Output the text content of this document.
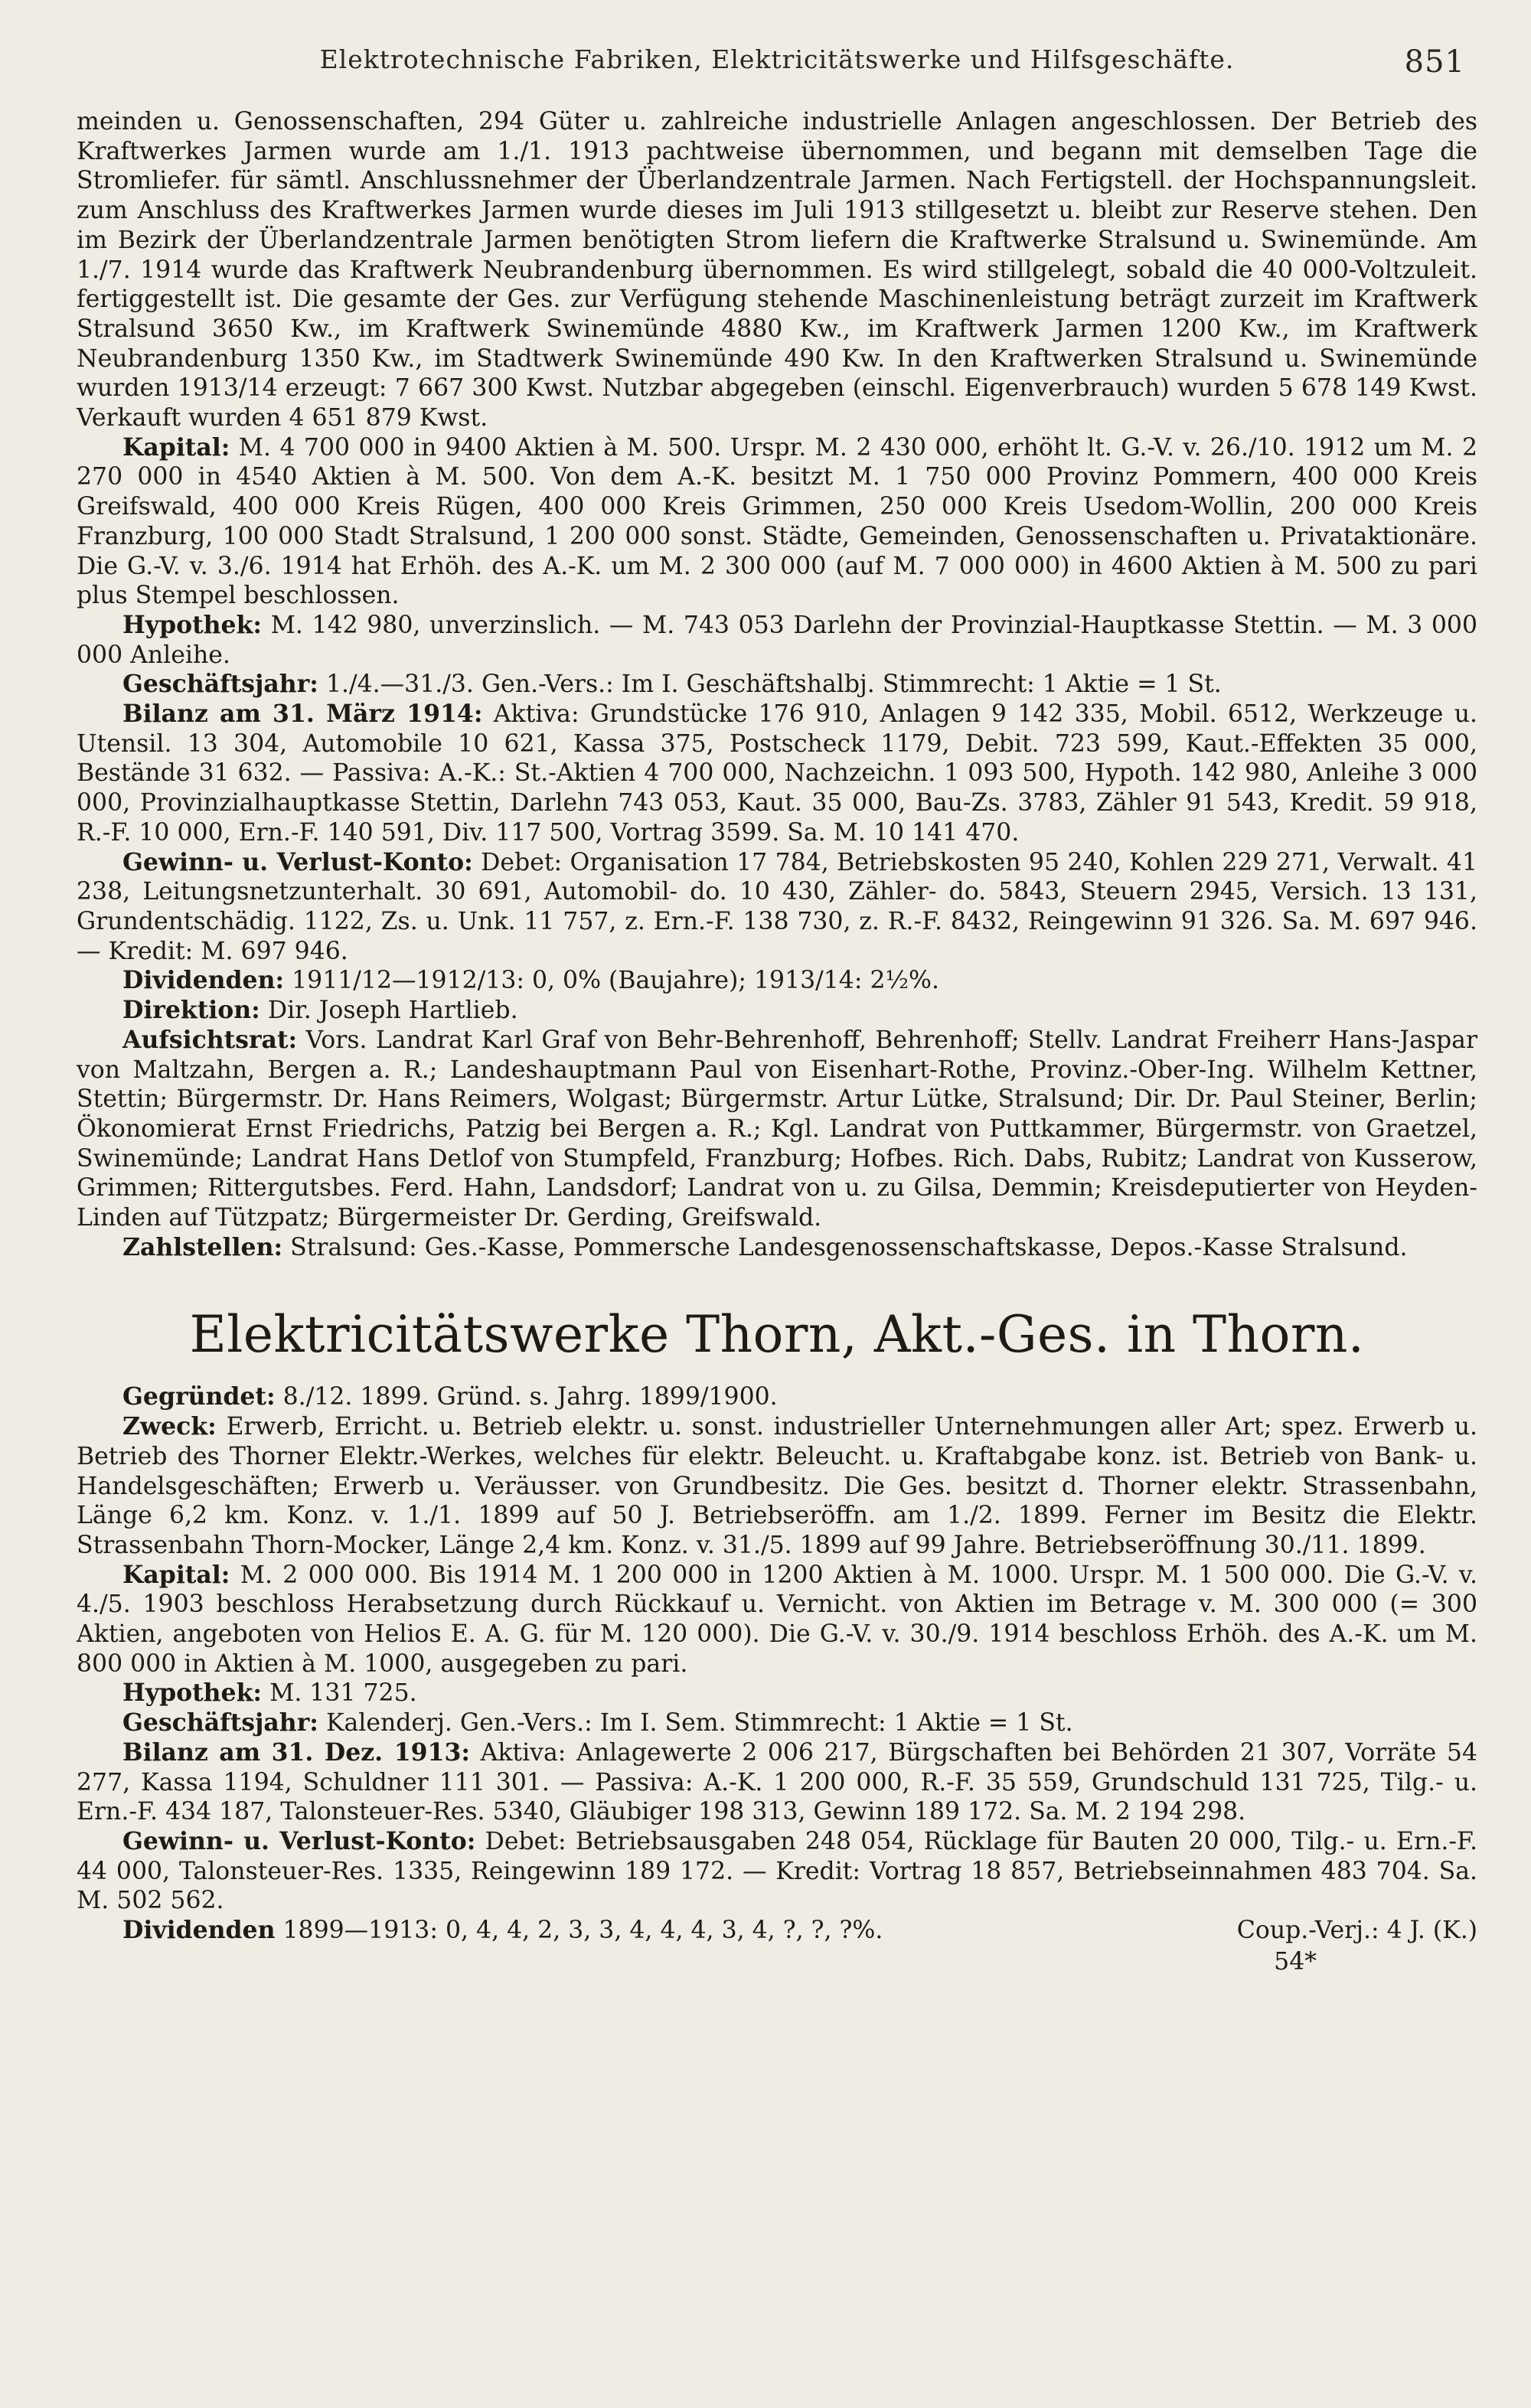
Elektrotechnische Fabriken, Elektricitätswerke und Hilfsgeschäfte.	851

meinden u. Genossenschaften, 294 Güter u. zahlreiche industrielle Anlagen angeschlossen. Der Betrieb des Kraftwerkes Jarmen wurde am 1./1. 1913 pachtweise übernommen, und begann mit demselben Tage die Stromliefer. für sämtl. Anschlussnehmer der Überlandzentrale Jarmen. Nach Fertigstell. der Hochspannungsleit. zum Anschluss des Kraftwerkes Jarmen wurde dieses im Juli 1913 stillgesetzt u. bleibt zur Reserve stehen. Den im Bezirk der Überlandzentrale Jarmen benötigten Strom liefern die Kraftwerke Stralsund u. Swinemünde. Am 1./7. 1914 wurde das Kraftwerk Neubrandenburg übernommen. Es wird stillgelegt, sobald die 40 000-Voltzuleit. fertiggestellt ist. Die gesamte der Ges. zur Verfügung stehende Maschinenleistung beträgt zurzeit im Kraftwerk Stralsund 3650 Kw., im Kraftwerk Swinemünde 4880 Kw., im Kraftwerk Jarmen 1200 Kw., im Kraftwerk Neubrandenburg 1350 Kw., im Stadtwerk Swinemünde 490 Kw. In den Kraftwerken Stralsund u. Swinemünde wurden 1913/14 erzeugt: 7 667 300 Kwst. Nutzbar abgegeben (einschl. Eigenverbrauch) wurden 5 678 149 Kwst. Verkauft wurden 4 651 879 Kwst.

Kapital: M. 4 700 000 in 9400 Aktien à M. 500. Urspr. M. 2 430 000, erhöht lt. G.-V. v. 26./10. 1912 um M. 2 270 000 in 4540 Aktien à M. 500. Von dem A.-K. besitzt M. 1 750 000 Provinz Pommern, 400 000 Kreis Greifswald, 400 000 Kreis Rügen, 400 000 Kreis Grimmen, 250 000 Kreis Usedom-Wollin, 200 000 Kreis Franzburg, 100 000 Stadt Stralsund, 1 200 000 sonst. Städte, Gemeinden, Genossenschaften u. Privataktionäre. Die G.-V. v. 3./6. 1914 hat Erhöh. des A.-K. um M. 2 300 000 (auf M. 7 000 000) in 4600 Aktien à M. 500 zu pari plus Stempel beschlossen.

Hypothek: M. 142 980, unverzinslich. — M. 743 053 Darlehn der Provinzial-Hauptkasse Stettin. — M. 3 000 000 Anleihe.

Geschäftsjahr: 1./4.—31./3. Gen.-Vers.: Im I. Geschäftshalbj. Stimmrecht: 1 Aktie = 1 St.

Bilanz am 31. März 1914: Aktiva: Grundstücke 176 910, Anlagen 9 142 335, Mobil. 6512, Werkzeuge u. Utensil. 13 304, Automobile 10 621, Kassa 375, Postscheck 1179, Debit. 723 599, Kaut.-Effekten 35 000, Bestände 31 632. — Passiva: A.-K.: St.-Aktien 4 700 000, Nachzeichn. 1 093 500, Hypoth. 142 980, Anleihe 3 000 000, Provinzialhauptkasse Stettin, Darlehn 743 053, Kaut. 35 000, Bau-Zs. 3783, Zähler 91 543, Kredit. 59 918, R.-F. 10 000, Ern.-F. 140 591, Div. 117 500, Vortrag 3599. Sa. M. 10 141 470.

Gewinn- u. Verlust-Konto: Debet: Organisation 17 784, Betriebskosten 95 240, Kohlen 229 271, Verwalt. 41 238, Leitungsnetzunterhalt. 30 691, Automobil- do. 10 430, Zähler- do. 5843, Steuern 2945, Versich. 13 131, Grundentschädig. 1122, Zs. u. Unk. 11 757, z. Ern.-F. 138 730, z. R.-F. 8432, Reingewinn 91 326. Sa. M. 697 946. — Kredit: M. 697 946.

Dividenden: 1911/12—1912/13: 0, 0% (Baujahre); 1913/14: 2½%.

Direktion: Dir. Joseph Hartlieb.

Aufsichtsrat: Vors. Landrat Karl Graf von Behr-Behrenhoff, Behrenhoff; Stellv. Landrat Freiherr Hans-Jaspar von Maltzahn, Bergen a. R.; Landeshauptmann Paul von Eisenhart-Rothe, Provinz.-Ober-Ing. Wilhelm Kettner, Stettin; Bürgermstr. Dr. Hans Reimers, Wolgast; Bürgermstr. Artur Lütke, Stralsund; Dir. Dr. Paul Steiner, Berlin; Ökonomierat Ernst Friedrichs, Patzig bei Bergen a. R.; Kgl. Landrat von Puttkammer, Bürgermstr. von Graetzel, Swinemünde; Landrat Hans Detlof von Stumpfeld, Franzburg; Hofbes. Rich. Dabs, Rubitz; Landrat von Kusserow, Grimmen; Rittergutsbes. Ferd. Hahn, Landsdorf; Landrat von u. zu Gilsa, Demmin; Kreisdeputierter von Heyden-Linden auf Tützpatz; Bürgermeister Dr. Gerding, Greifswald.

Zahlstellen: Stralsund: Ges.-Kasse, Pommersche Landesgenossenschaftskasse, Depos.-Kasse Stralsund.

Elektricitätswerke Thorn, Akt.-Ges. in Thorn.

Gegründet: 8./12. 1899. Gründ. s. Jahrg. 1899/1900.

Zweck: Erwerb, Erricht. u. Betrieb elektr. u. sonst. industrieller Unternehmungen aller Art; spez. Erwerb u. Betrieb des Thorner Elektr.-Werkes, welches für elektr. Beleucht. u. Kraftabgabe konz. ist. Betrieb von Bank- u. Handelsgeschäften; Erwerb u. Veräusser. von Grundbesitz. Die Ges. besitzt d. Thorner elektr. Strassenbahn, Länge 6,2 km. Konz. v. 1./1. 1899 auf 50 J. Betriebseröffn. am 1./2. 1899. Ferner im Besitz die Elektr. Strassenbahn Thorn-Mocker, Länge 2,4 km. Konz. v. 31./5. 1899 auf 99 Jahre. Betriebseröffnung 30./11. 1899.

Kapital: M. 2 000 000. Bis 1914 M. 1 200 000 in 1200 Aktien à M. 1000. Urspr. M. 1 500 000. Die G.-V. v. 4./5. 1903 beschloss Herabsetzung durch Rückkauf u. Vernicht. von Aktien im Betrage v. M. 300 000 (= 300 Aktien, angeboten von Helios E. A. G. für M. 120 000). Die G.-V. v. 30./9. 1914 beschloss Erhöh. des A.-K. um M. 800 000 in Aktien à M. 1000, ausgegeben zu pari.

Hypothek: M. 131 725.

Geschäftsjahr: Kalenderj. Gen.-Vers.: Im I. Sem. Stimmrecht: 1 Aktie = 1 St.

Bilanz am 31. Dez. 1913: Aktiva: Anlagewerte 2 006 217, Bürgschaften bei Behörden 21 307, Vorräte 54 277, Kassa 1194, Schuldner 111 301. — Passiva: A.-K. 1 200 000, R.-F. 35 559, Grundschuld 131 725, Tilg.- u. Ern.-F. 434 187, Talonsteuer-Res. 5340, Gläubiger 198 313, Gewinn 189 172. Sa. M. 2 194 298.

Gewinn- u. Verlust-Konto: Debet: Betriebsausgaben 248 054, Rücklage für Bauten 20 000, Tilg.- u. Ern.-F. 44 000, Talonsteuer-Res. 1335, Reingewinn 189 172. — Kredit: Vortrag 18 857, Betriebseinnahmen 483 704. Sa. M. 502 562.

Dividenden 1899—1913: 0, 4, 4, 2, 3, 3, 4, 4, 4, 3, 4, ?, ?, ?%.	Coup.-Verj.: 4 J. (K.)
54*
